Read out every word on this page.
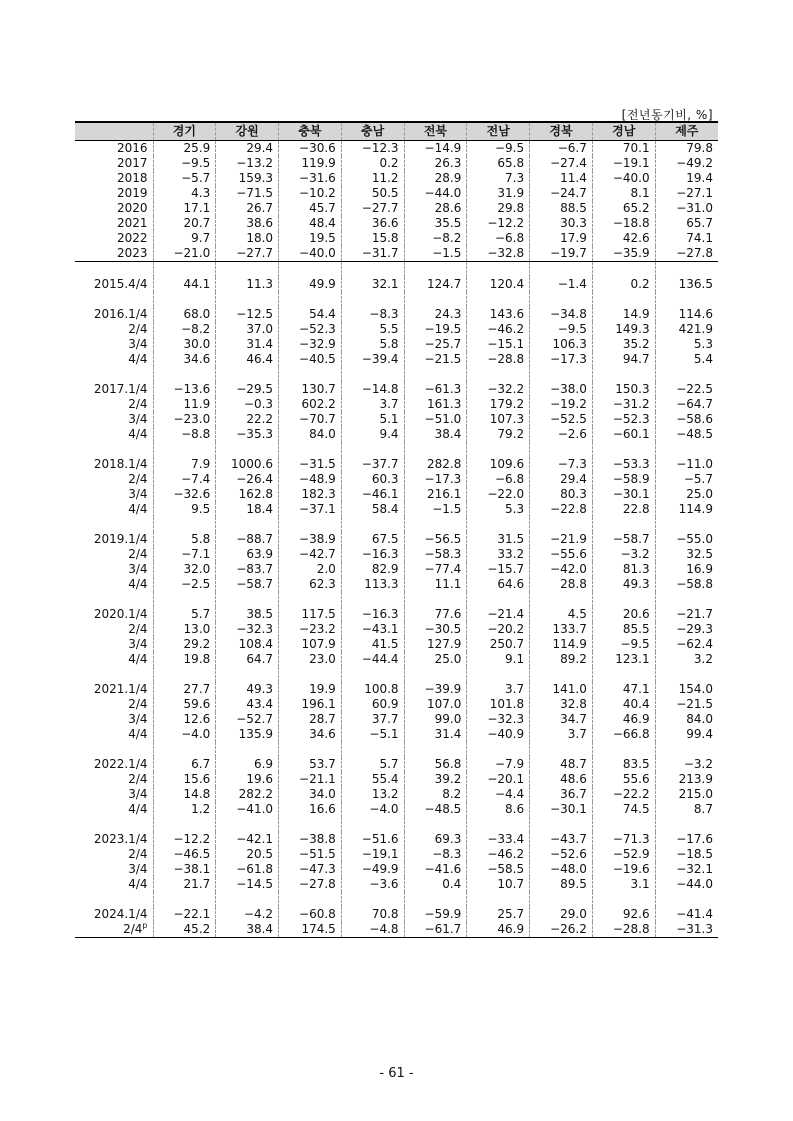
[전년동기비, %]
	경기	강원	충북	충남	전북	전남	경북	경남	제주
2016	25.9	29.4	−30.6	−12.3	−14.9	−9.5	−6.7	70.1	79.8
2017	−9.5	−13.2	119.9	0.2	26.3	65.8	−27.4	−19.1	−49.2
2018	−5.7	159.3	−31.6	11.2	28.9	7.3	11.4	−40.0	19.4
2019	4.3	−71.5	−10.2	50.5	−44.0	31.9	−24.7	8.1	−27.1
2020	17.1	26.7	45.7	−27.7	28.6	29.8	88.5	65.2	−31.0
2021	20.7	38.6	48.4	36.6	35.5	−12.2	30.3	−18.8	65.7
2022	9.7	18.0	19.5	15.8	−8.2	−6.8	17.9	42.6	74.1
2023	−21.0	−27.7	−40.0	−31.7	−1.5	−32.8	−19.7	−35.9	−27.8

2015.4/4	44.1	11.3	49.9	32.1	124.7	120.4	−1.4	0.2	136.5

2016.1/4	68.0	−12.5	54.4	−8.3	24.3	143.6	−34.8	14.9	114.6
2/4	−8.2	37.0	−52.3	5.5	−19.5	−46.2	−9.5	149.3	421.9
3/4	30.0	31.4	−32.9	5.8	−25.7	−15.1	106.3	35.2	5.3
4/4	34.6	46.4	−40.5	−39.4	−21.5	−28.8	−17.3	94.7	5.4

2017.1/4	−13.6	−29.5	130.7	−14.8	−61.3	−32.2	−38.0	150.3	−22.5
2/4	11.9	−0.3	602.2	3.7	161.3	179.2	−19.2	−31.2	−64.7
3/4	−23.0	22.2	−70.7	5.1	−51.0	107.3	−52.5	−52.3	−58.6
4/4	−8.8	−35.3	84.0	9.4	38.4	79.2	−2.6	−60.1	−48.5

2018.1/4	7.9	1000.6	−31.5	−37.7	282.8	109.6	−7.3	−53.3	−11.0
2/4	−7.4	−26.4	−48.9	60.3	−17.3	−6.8	29.4	−58.9	−5.7
3/4	−32.6	162.8	182.3	−46.1	216.1	−22.0	80.3	−30.1	25.0
4/4	9.5	18.4	−37.1	58.4	−1.5	5.3	−22.8	22.8	114.9

2019.1/4	5.8	−88.7	−38.9	67.5	−56.5	31.5	−21.9	−58.7	−55.0
2/4	−7.1	63.9	−42.7	−16.3	−58.3	33.2	−55.6	−3.2	32.5
3/4	32.0	−83.7	2.0	82.9	−77.4	−15.7	−42.0	81.3	16.9
4/4	−2.5	−58.7	62.3	113.3	11.1	64.6	28.8	49.3	−58.8

2020.1/4	5.7	38.5	117.5	−16.3	77.6	−21.4	4.5	20.6	−21.7
2/4	13.0	−32.3	−23.2	−43.1	−30.5	−20.2	133.7	85.5	−29.3
3/4	29.2	108.4	107.9	41.5	127.9	250.7	114.9	−9.5	−62.4
4/4	19.8	64.7	23.0	−44.4	25.0	9.1	89.2	123.1	3.2

2021.1/4	27.7	49.3	19.9	100.8	−39.9	3.7	141.0	47.1	154.0
2/4	59.6	43.4	196.1	60.9	107.0	101.8	32.8	40.4	−21.5
3/4	12.6	−52.7	28.7	37.7	99.0	−32.3	34.7	46.9	84.0
4/4	−4.0	135.9	34.6	−5.1	31.4	−40.9	3.7	−66.8	99.4

2022.1/4	6.7	6.9	53.7	5.7	56.8	−7.9	48.7	83.5	−3.2
2/4	15.6	19.6	−21.1	55.4	39.2	−20.1	48.6	55.6	213.9
3/4	14.8	282.2	34.0	13.2	8.2	−4.4	36.7	−22.2	215.0
4/4	1.2	−41.0	16.6	−4.0	−48.5	8.6	−30.1	74.5	8.7

2023.1/4	−12.2	−42.1	−38.8	−51.6	69.3	−33.4	−43.7	−71.3	−17.6
2/4	−46.5	20.5	−51.5	−19.1	−8.3	−46.2	−52.6	−52.9	−18.5
3/4	−38.1	−61.8	−47.3	−49.9	−41.6	−58.5	−48.0	−19.6	−32.1
4/4	21.7	−14.5	−27.8	−3.6	0.4	10.7	89.5	3.1	−44.0

2024.1/4	−22.1	−4.2	−60.8	70.8	−59.9	25.7	29.0	92.6	−41.4
2/4$^p$	45.2	38.4	174.5	−4.8	−61.7	46.9	−26.2	−28.8	−31.3
- 61 -
